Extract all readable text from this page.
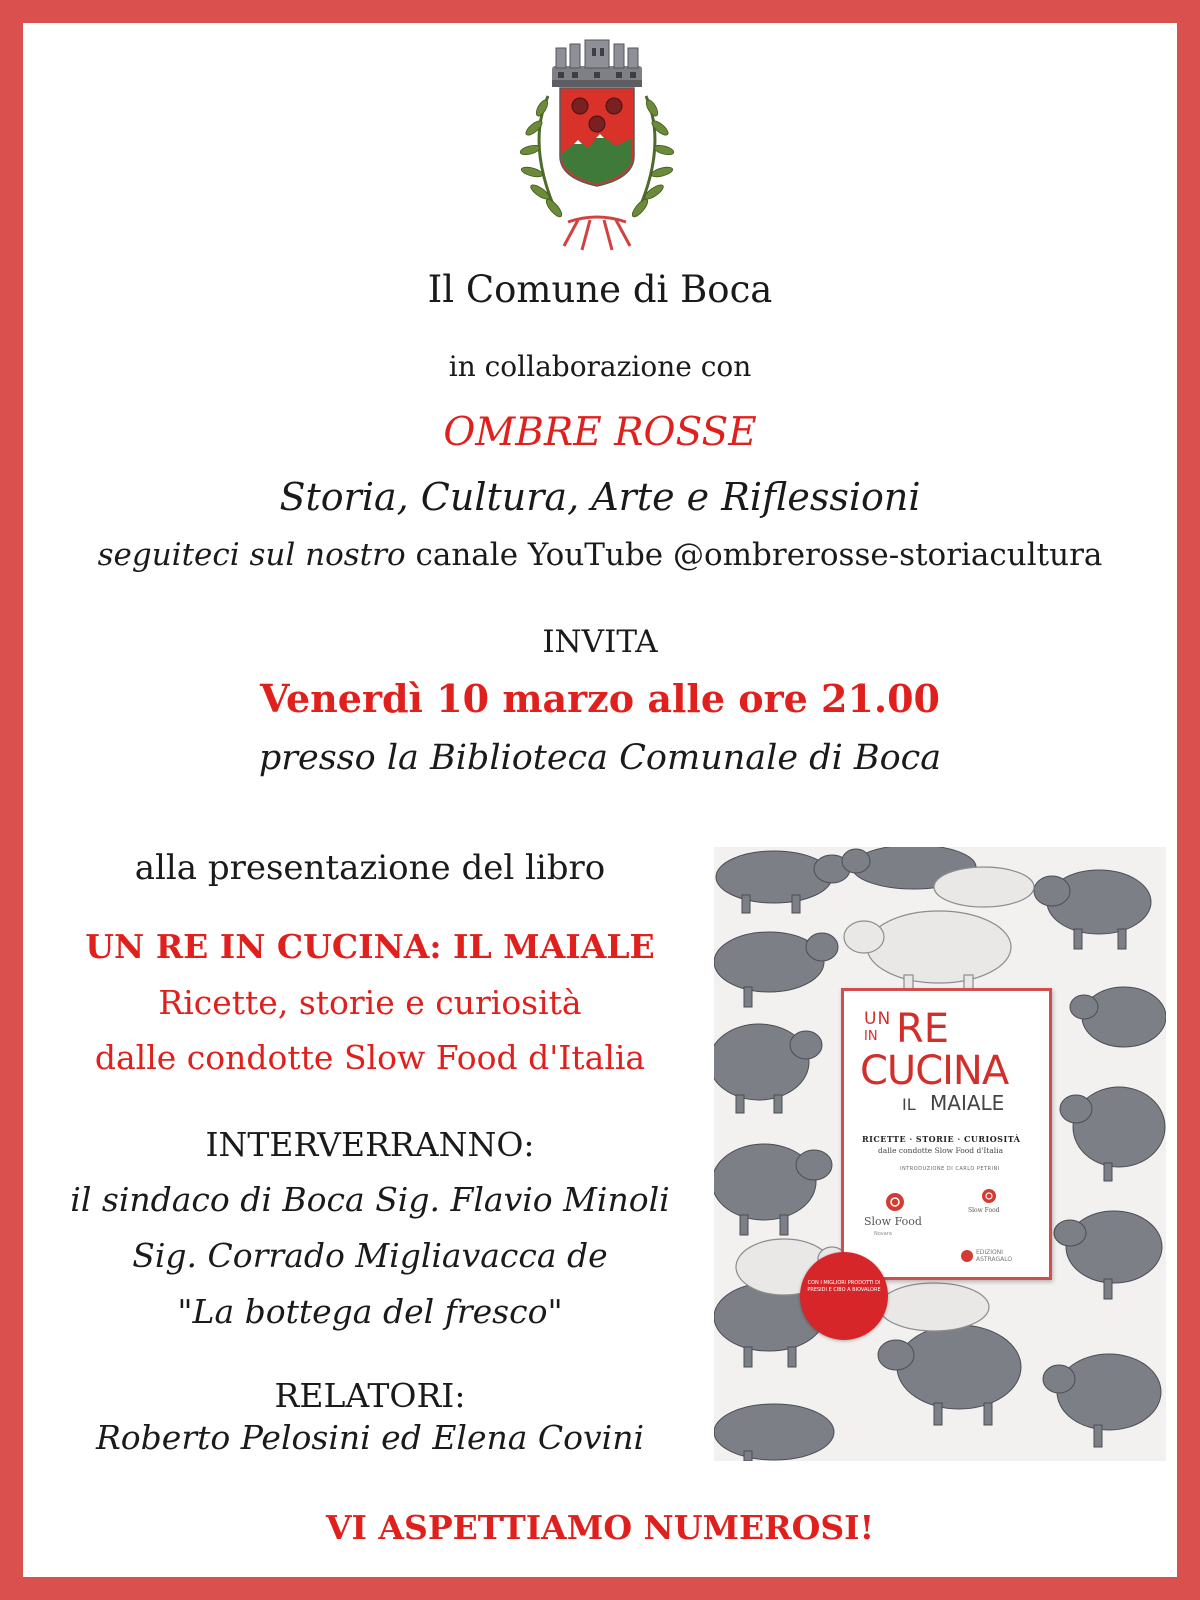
Il Comune di Boca

in collaborazione con

OMBRE ROSSE

Storia, Cultura, Arte e Riflessioni

seguiteci sul nostro canale YouTube @ombrerosse-storiacultura

INVITA

Venerdì 10 marzo alle ore 21.00

presso la Biblioteca Comunale di Boca

alla presentazione del libro

UN RE IN CUCINA: IL MAIALE

Ricette, storie e curiosità

dalle condotte Slow Food d'Italia

INTERVERRANNO:

il sindaco di Boca Sig. Flavio Minoli

Sig. Corrado Migliavacca de

"La bottega del fresco"

RELATORI:

Roberto Pelosini ed Elena Covini

VI ASPETTIAMO NUMEROSI!

UN

IN RE

CUCINA

IL MAIALE

RICETTE · STORIE · CURIOSITÀ

dalle condotte Slow Food d'Italia

INTRODUZIONE DI CARLO PETRINI

Slow Food

Novara

Slow Food

EDIZIONI ASTRAGALO

CON I MIGLIORI PRODOTTI DI PRESIDI E CIBO A BIOVALORE
